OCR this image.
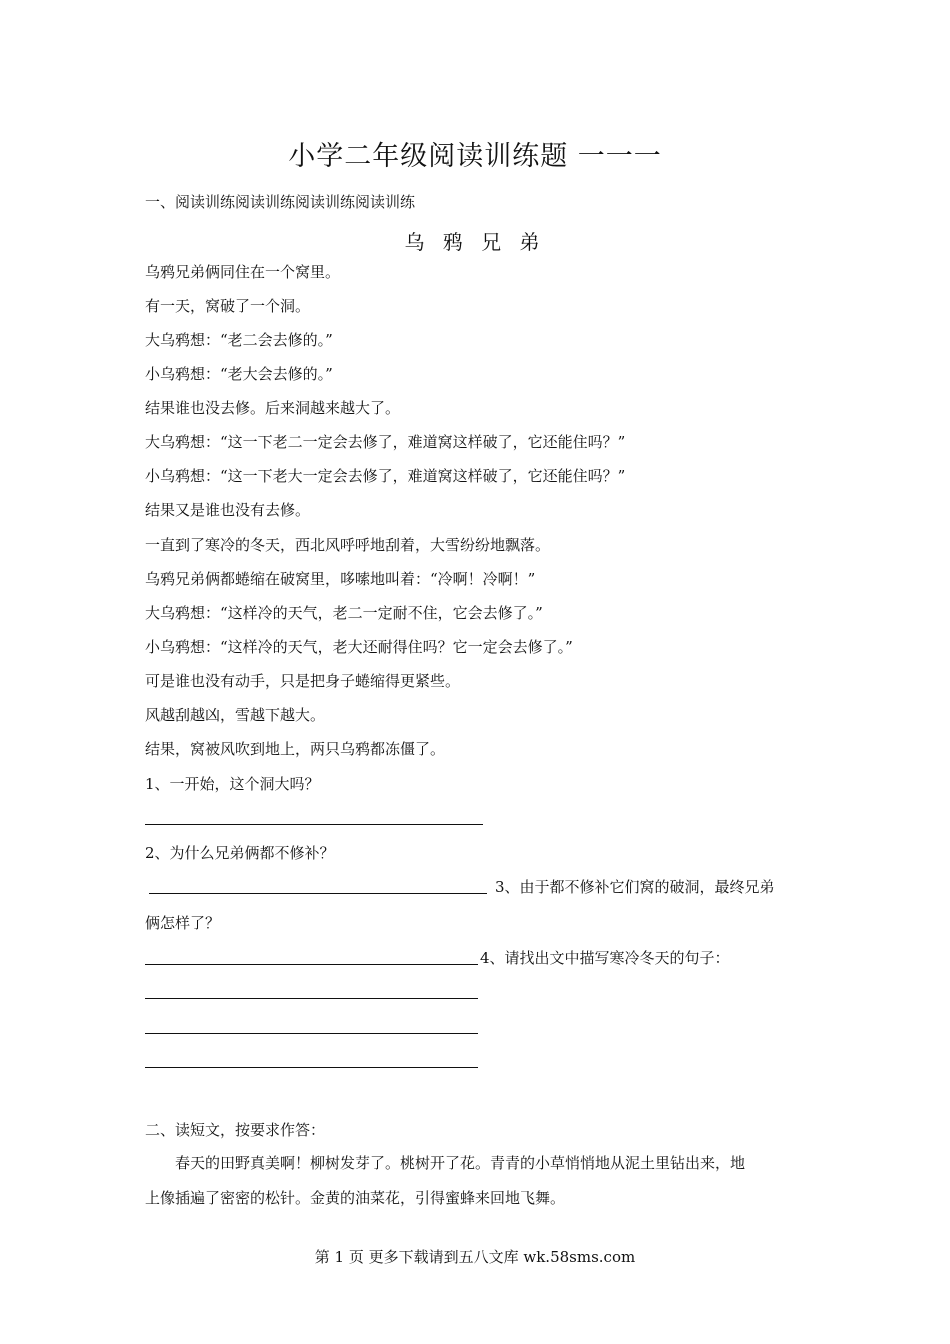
小学二年级阅读训练题 一一一
一、阅读训练阅读训练阅读训练阅读训练
乌 鸦 兄 弟
乌鸦兄弟俩同住在一个窝里。
有一天，窝破了一个洞。
大乌鸦想：“老二会去修的。”
小乌鸦想：“老大会去修的。”
结果谁也没去修。后来洞越来越大了。
大乌鸦想：“这一下老二一定会去修了，难道窝这样破了，它还能住吗？”
小乌鸦想：“这一下老大一定会去修了，难道窝这样破了，它还能住吗？”
结果又是谁也没有去修。
一直到了寒冷的冬天，西北风呼呼地刮着，大雪纷纷地飘落。
乌鸦兄弟俩都蜷缩在破窝里，哆嗦地叫着：“冷啊！冷啊！”
大乌鸦想：“这样冷的天气，老二一定耐不住，它会去修了。”
小乌鸦想：“这样冷的天气，老大还耐得住吗？它一定会去修了。”
可是谁也没有动手，只是把身子蜷缩得更紧些。
风越刮越凶，雪越下越大。
结果，窝被风吹到地上，两只乌鸦都冻僵了。
1、一开始，这个洞大吗？
2、为什么兄弟俩都不修补？
3、由于都不修补它们窝的破洞，最终兄弟
俩怎样了？
4、请找出文中描写寒冷冬天的句子：
二、读短文，按要求作答：
春天的田野真美啊！柳树发芽了。桃树开了花。青青的小草悄悄地从泥土里钻出来，地
上像插遍了密密的松针。金黄的油菜花，引得蜜蜂来回地飞舞。
第 1 页 更多下载请到五八文库 wk.58sms.com
